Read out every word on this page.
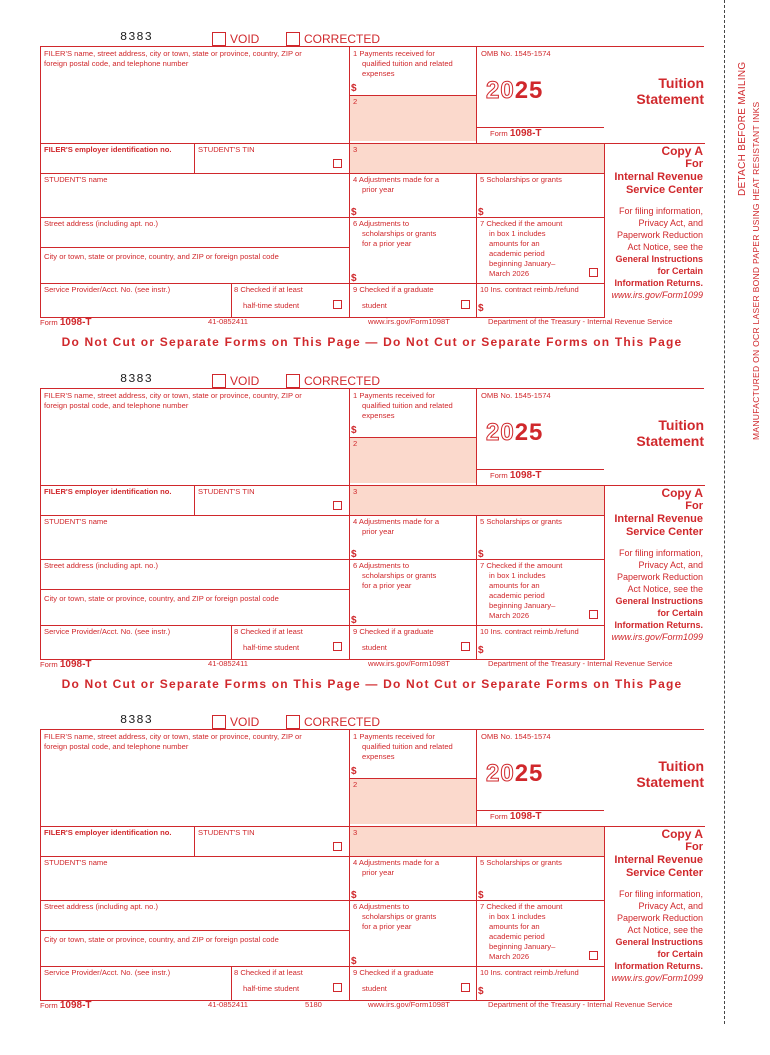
8383	VOID	CORRECTED
FILER'S name, street address, city or town, state or province, country, ZIP or
foreign postal code, and telephone number
1 Payments received for
qualified tuition and related
expenses
$
2
OMB No. 1545-1574
2025
Form 1098-T
Tuition
Statement
FILER'S employer identification no.	STUDENT'S TIN	3	Copy A
For
Internal Revenue
Service Center
STUDENT'S name	4 Adjustments made for a
prior year
$
5 Scholarships or grants
$
Street address (including apt. no.)	6 Adjustments to
scholarships or grants
for a prior year
$
7 Checked if the amount
in box 1 includes
amounts for an
academic period
beginning January–
March 2026
For filing information,
Privacy Act, and
Paperwork Reduction
Act Notice, see the
General Instructions
for Certain
Information Returns.
www.irs.gov/Form1099
City or town, state or province, country, and ZIP or foreign postal code
Service Provider/Acct. No. (see instr.)	8 Checked if at least
half-time student
9 Checked if a graduate
student
10 Ins. contract reimb./refund
$
Form 1098-T	41-0852411	www.irs.gov/Form1098T	Department of the Treasury - Internal Revenue Service
Do Not Cut or Separate Forms on This Page — Do Not Cut or Separate Forms on This Page
8383	VOID	CORRECTED
FILER'S name, street address, city or town, state or province, country, ZIP or
foreign postal code, and telephone number
1 Payments received for
qualified tuition and related
expenses
$
2
OMB No. 1545-1574
2025
Form 1098-T
Tuition
Statement
FILER'S employer identification no.	STUDENT'S TIN	3	Copy A
For
Internal Revenue
Service Center
STUDENT'S name	4 Adjustments made for a
prior year
$
5 Scholarships or grants
$
Street address (including apt. no.)	6 Adjustments to
scholarships or grants
for a prior year
$
7 Checked if the amount
in box 1 includes
amounts for an
academic period
beginning January–
March 2026
For filing information,
Privacy Act, and
Paperwork Reduction
Act Notice, see the
General Instructions
for Certain
Information Returns.
www.irs.gov/Form1099
City or town, state or province, country, and ZIP or foreign postal code
Service Provider/Acct. No. (see instr.)	8 Checked if at least
half-time student
9 Checked if a graduate
student
10 Ins. contract reimb./refund
$
Form 1098-T	41-0852411	www.irs.gov/Form1098T	Department of the Treasury - Internal Revenue Service
Do Not Cut or Separate Forms on This Page — Do Not Cut or Separate Forms on This Page
8383	VOID	CORRECTED
FILER'S name, street address, city or town, state or province, country, ZIP or
foreign postal code, and telephone number
1 Payments received for
qualified tuition and related
expenses
$
2
OMB No. 1545-1574
2025
Form 1098-T
Tuition
Statement
FILER'S employer identification no.	STUDENT'S TIN	3	Copy A
For
Internal Revenue
Service Center
STUDENT'S name	4 Adjustments made for a
prior year
$
5 Scholarships or grants
$
Street address (including apt. no.)	6 Adjustments to
scholarships or grants
for a prior year
$
7 Checked if the amount
in box 1 includes
amounts for an
academic period
beginning January–
March 2026
For filing information,
Privacy Act, and
Paperwork Reduction
Act Notice, see the
General Instructions
for Certain
Information Returns.
www.irs.gov/Form1099
City or town, state or province, country, and ZIP or foreign postal code
Service Provider/Acct. No. (see instr.)	8 Checked if at least
half-time student
9 Checked if a graduate
student
10 Ins. contract reimb./refund
$
Form 1098-T	41-0852411	5180	www.irs.gov/Form1098T	Department of the Treasury - Internal Revenue Service
DETACH BEFORE MAILING MANUFACTURED ON OCR LASER BOND PAPER USING HEAT RESISTANT INKS
